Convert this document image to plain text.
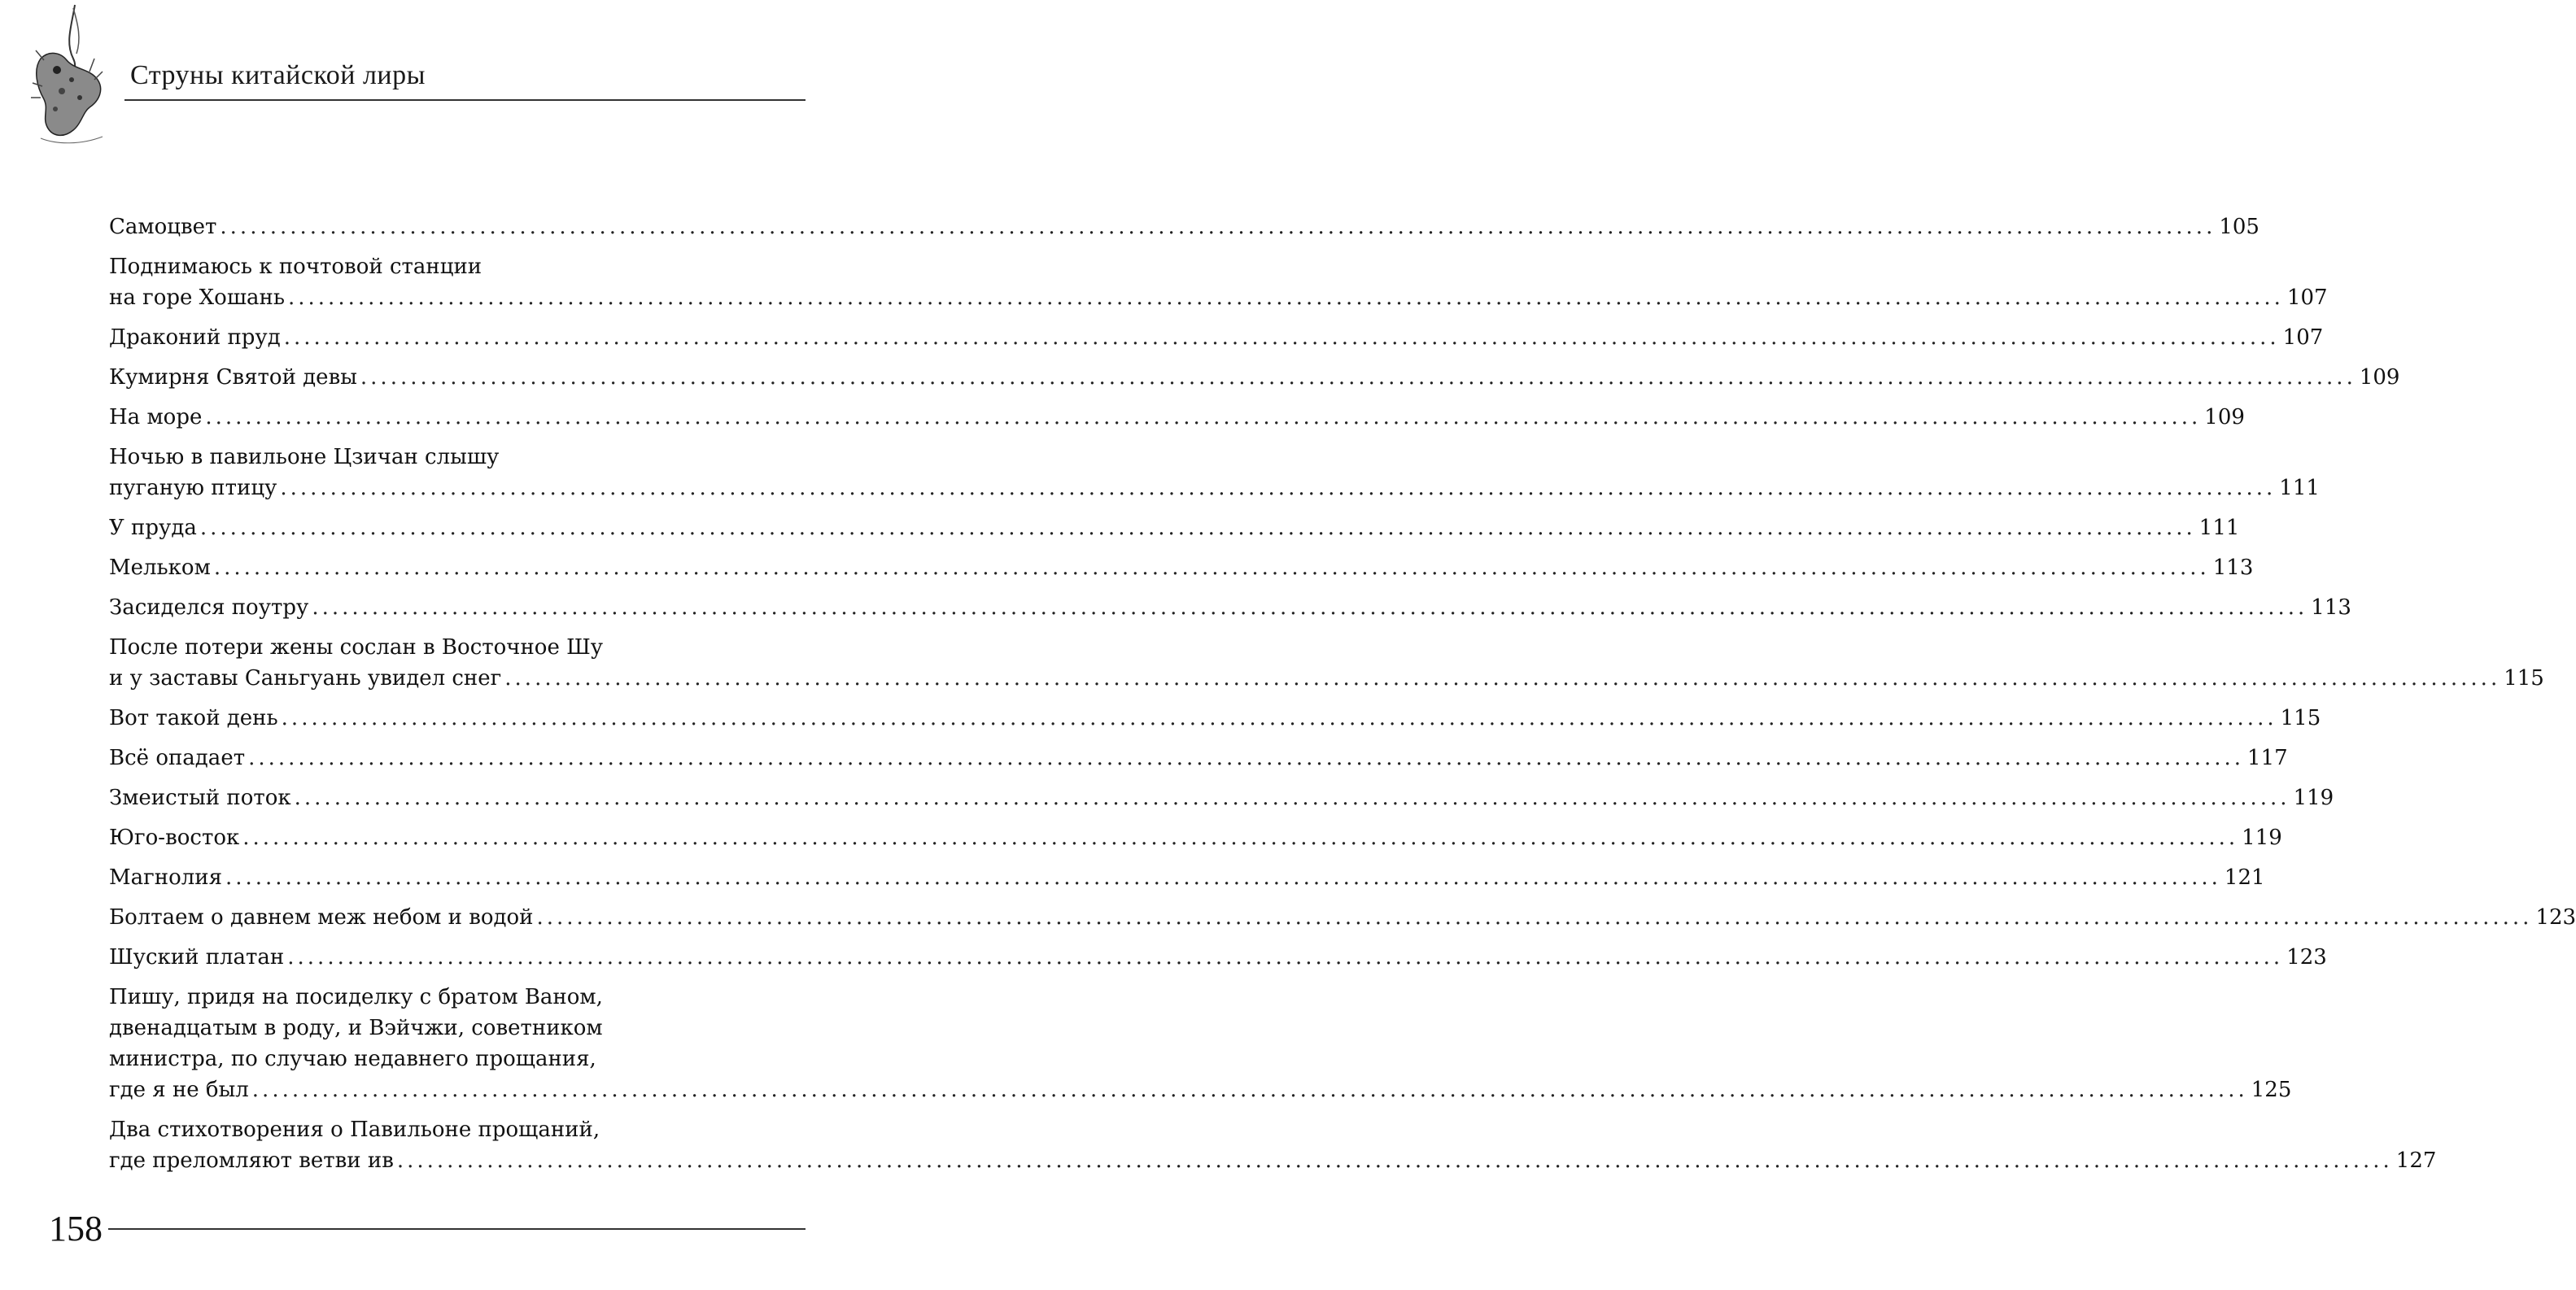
Струны китайской лиры
Самоцвет ........................................................................................................................................................................................................ 105
Поднимаюсь к почтовой станции
на горе Хошань ........................................................................................................................................................................................................ 107
Драконий пруд ........................................................................................................................................................................................................ 107
Кумирня Святой девы ........................................................................................................................................................................................................ 109
На море ........................................................................................................................................................................................................ 109
Ночью в павильоне Цзичан слышу
пуганую птицу ........................................................................................................................................................................................................ 111
У пруда ........................................................................................................................................................................................................ 111
Мельком ........................................................................................................................................................................................................ 113
Засиделся поутру ........................................................................................................................................................................................................ 113
После потери жены сослан в Восточное Шу
и у заставы Саньгуань увидел снег ........................................................................................................................................................................................................ 115
Вот такой день ........................................................................................................................................................................................................ 115
Всё опадает ........................................................................................................................................................................................................ 117
Змеистый поток ........................................................................................................................................................................................................ 119
Юго-восток ........................................................................................................................................................................................................ 119
Магнолия ........................................................................................................................................................................................................ 121
Болтаем о давнем меж небом и водой ........................................................................................................................................................................................................ 123
Шуский платан ........................................................................................................................................................................................................ 123
Пишу, придя на посиделку с братом Ваном,
двенадцатым в роду, и Вэйчжи, советником
министра, по случаю недавнего прощания,
где я не был ........................................................................................................................................................................................................ 125
Два стихотворения о Павильоне прощаний,
где преломляют ветви ив ........................................................................................................................................................................................................ 127
158
